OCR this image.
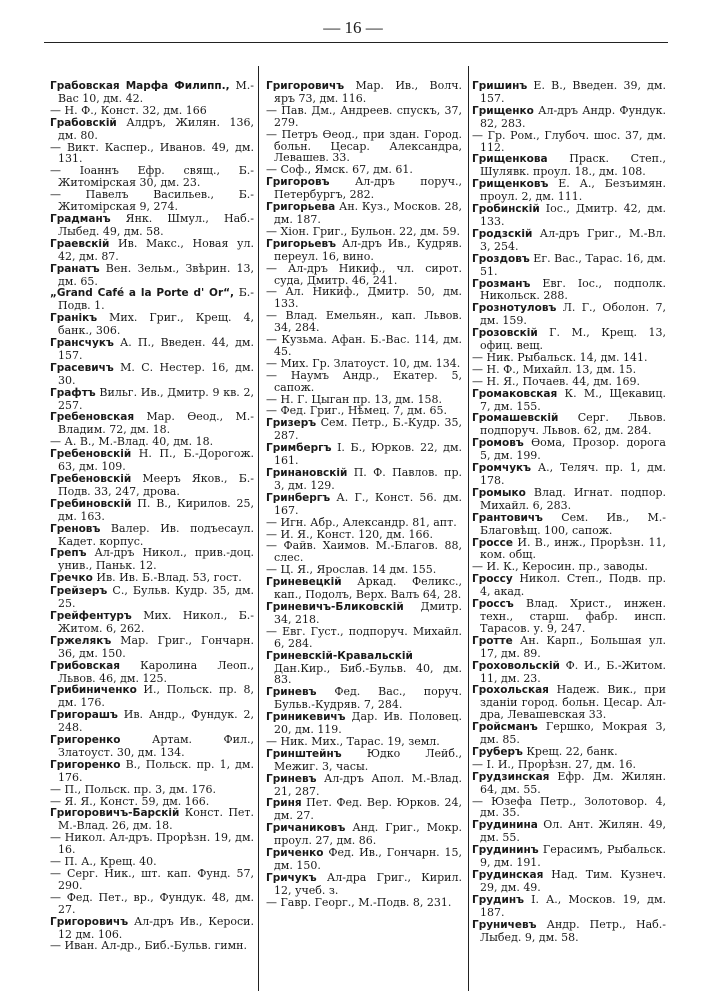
— 16 —

Грабовская Марфа Филипп., М.-Вас 10, дм. 42.

— Н. Ф., Конст. 32, дм. 166

Грабовскій Алдръ, Жилян. 136, дм. 80.

— Викт. Каспер., Иванов. 49, дм. 131.

— Іоаннъ Ефр. свящ., Б.-Житомірская 30, дм. 23.

— Павелъ Васильев., Б.-Житомірская 9, 274.

Градманъ Янк. Шмул., Наб.-Лыбед. 49, дм. 58.

Граевскій Ив. Макс., Новая ул. 42, дм. 87.

Гранатъ Вен. Зельм., Звѣрин. 13, дм. 65.

„Grand Café a la Porte d' Or“, Б.-Подв. 1.

Гранікъ Мих. Григ., Крещ. 4, банк., 306.

Грансчукъ А. П., Введен. 44, дм. 157.

Грасевичъ М. С. Нестер. 16, дм. 30.

Графтъ Вильг. Ив., Дмитр. 9 кв. 2, 257.

Гребеновская Мар. Өеод., М.-Владим. 72, дм. 18.

— А. В., М.-Влад. 40, дм. 18.

Гребеновскій Н. П., Б.-Дорогож. 63, дм. 109.

Гребеновскій Мееръ Яков., Б.-Подв. 33, 247, дрова.

Гребиновскій П. В., Кирилов. 25, дм. 163.

Греновъ Валер. Ив. подъесаул. Кадет. корпус.

Грепъ Ал-дръ Никол., прив.-доц. унив., Паньк. 12.

Гречко Ив. Ив. Б.-Влад. 53, гост.

Грейзеръ С., Бульв. Кудр. 35, дм. 25.

Грейфентуръ Мих. Никол., Б.-Житом. 6, 262.

Гржелякъ Мар. Григ., Гончарн. 36, дм. 150.

Грибовская Каролина Леоп., Львов. 46, дм. 125.

Грибиниченко И., Польск. пр. 8, дм. 176.

Григорашъ Ив. Андр., Фундук. 2, 248.

Григоренко Артам. Фил., Златоуст. 30, дм. 134.

Григоренко В., Польск. пр. 1, дм. 176.

— П., Польск. пр. 3, дм. 176.

— Я. Я., Конст. 59, дм. 166.

Григоровичъ-Барскій Конст. Пет. М.-Влад. 26, дм. 18.

— Никол. Ал-дръ. Прорѣзн. 19, дм. 16.

— П. А., Крещ. 40.

— Серг. Ник., шт. кап. Фунд. 57, 290.

— Фед. Пет., вр., Фундук. 48, дм. 27.

Григоровичъ Ал-дръ Ив., Кероси. 12 дм. 106.

— Иван. Ал-др., Биб.-Бульв. гимн.

Григоровичъ Мар. Ив., Волч. яръ 73, дм. 116.

— Пав. Дм., Андреев. спускъ, 37, 279.

— Петръ Өеод., при здан. Город. больн. Цесар. Александра, Левашев. 33.

— Соф., Ямск. 67, дм. 61.

Григоровъ Ал-дръ поруч., Петербургъ, 282.

Григорьева Ан. Куз., Москов. 28, дм. 187.

— Хіон. Григ., Бульон. 22, дм. 59.

Григорьевъ Ал-дръ Ив., Кудряв. переул. 16, вино.

— Ал-дръ Никиф., чл. сирот. суда, Дмитр. 46, 241.

— Ал. Никиф., Дмитр. 50, дм. 133.

— Влад. Емельян., кап. Львов. 34, 284.

— Кузьма. Афан. Б.-Вас. 114, дм. 45.

— Мих. Гр. Златоуст. 10, дм. 134.

— Наумъ Андр., Екатер. 5, сапож.

— Н. Г. Цыган пр. 13, дм. 158.

— Фед. Григ., Нѣмец. 7, дм. 65.

Гризеръ Сем. Петр., Б.-Кудр. 35, 287.

Гримбергъ І. Б., Юрков. 22, дм. 161.

Гринановскій П. Ф. Павлов. пр. 3, дм. 129.

Гринбергъ А. Г., Конст. 56. дм. 167.

— Игн. Абр., Александр. 81, апт.

— И. Я., Конст. 120, дм. 166.

— Файв. Хаимов. М.-Благов. 88, слес.

— Ц. Я., Ярослав. 14 дм. 155.

Гриневецкій Аркад. Феликс., кап., Подолъ, Верх. Валъ 64, 28.

Гриневичъ-Бликовскій Дмитр. 34, 218.

— Евг. Густ., подпоруч. Михайл. 6, 284.

Гриневскій-Кравальскій Дан.Кир., Биб.-Бульв. 40, дм. 83.

Гриневъ Фед. Вас., поруч. Бульв.-Кудряв. 7, 284.

Гриникевичъ Дар. Ив. Половец. 20, дм. 119.

— Ник. Мих., Тарас. 19, земл.

Гринштейнъ Юдко Лейб., Межиг. 3, часы.

Гриневъ Ал-дръ Апол. М.-Влад. 21, 287.

Гриня Пет. Фед. Вер. Юрков. 24, дм. 27.

Гричаниковъ Анд. Григ., Мокр. проул. 27, дм. 86.

Гриченко Фед. Ив., Гончарн. 15, дм. 150.

Гричукъ Ал-дра Григ., Кирил. 12, учеб. з.

— Гавр. Георг., М.-Подв. 8, 231.

Гришинъ Е. В., Введен. 39, дм. 157.

Грищенко Ал-дръ Андр. Фундук. 82, 283.

— Гр. Ром., Глубоч. шос. 37, дм. 112.

Грищенкова Праск. Степ., Шулявк. проул. 18., дм. 108.

Грищенковъ Е. А., Безъимян. проул. 2, дм. 111.

Гробинскій Іос., Дмитр. 42, дм. 133.

Гродзскій Ал-дръ Григ., М.-Вл. 3, 254.

Гроздовъ Ег. Вас., Тарас. 16, дм. 51.

Грозманъ Евг. Іос., подполк. Никольск. 288.

Грознотуловъ Л. Г., Оболон. 7, дм. 159.

Грозовскій Г. М., Крещ. 13, офиц. вещ.

— Ник. Рыбальск. 14, дм. 141.

— Н. Ф., Михайл. 13, дм. 15.

— Н. Я., Почаев. 44, дм. 169.

Громаковская К. М., Щекавиц. 7, дм. 155.

Громашевскій Серг. Львов. подпоруч. Львов. 62, дм. 284.

Громовъ Өома, Прозор. дорога 5, дм. 199.

Громчукъ А., Теляч. пр. 1, дм. 178.

Громыко Влад. Игнат. подпор. Михайл. 6, 283.

Грантовичъ Сем. Ив., М.-Благовѣщ. 100, сапож.

Гроссе И. В., инж., Прорѣзн. 11, ком. общ.

— И. К., Керосин. пр., заводы.

Гроссу Никол. Степ., Подв. пр. 4, акад.

Гроссъ Влад. Христ., инжен. техн., старш. фабр. инсп. Тарасов. у. 9, 247.

Гротте Ан. Карп., Большая ул. 17, дм. 89.

Гроховольскій Ф. И., Б.-Житом. 11, дм. 23.

Грохольская Надеж. Вик., при зданіи город. больн. Цесар. Ал-дра, Левашевская 33.

Гройсманъ Гершко, Мокрая 3, дм. 85.

Груберъ Крещ. 22, банк.

— І. И., Прорѣзн. 27, дм. 16.

Грудзинская Ефр. Дм. Жилян. 64, дм. 55.

— Юзефа Петр., Золотовор. 4, дм. 35.

Грудинина Ол. Ант. Жилян. 49, дм. 55.

Грудининъ Герасимъ, Рыбальск. 9, дм. 191.

Грудинская Над. Тим. Кузнеч. 29, дм. 49.

Грудинъ І. А., Москов. 19, дм. 187.

Груничевъ Андр. Петр., Наб.-Лыбед. 9, дм. 58.
